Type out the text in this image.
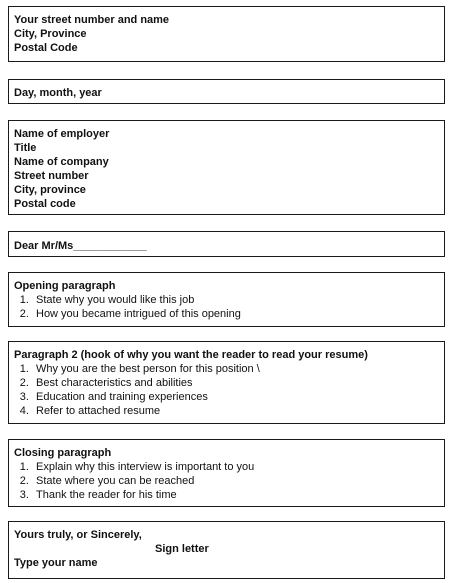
Your street number and name
City, Province
Postal Code
Day, month, year
Name of employer
Title
Name of company
Street number
City, province
Postal code
Dear Mr/Ms____________
Opening paragraph
1. State why you would like this job
2. How you became intrigued of this opening
Paragraph 2 (hook of why you want the reader to read your resume)
1. Why you are the best person for this position \
2. Best characteristics and abilities
3. Education and training experiences
4. Refer to attached resume
Closing paragraph
1. Explain why this interview is important to you
2. State where you can be reached
3. Thank the reader for his time
Yours truly, or Sincerely,
Sign letter
Type your name
